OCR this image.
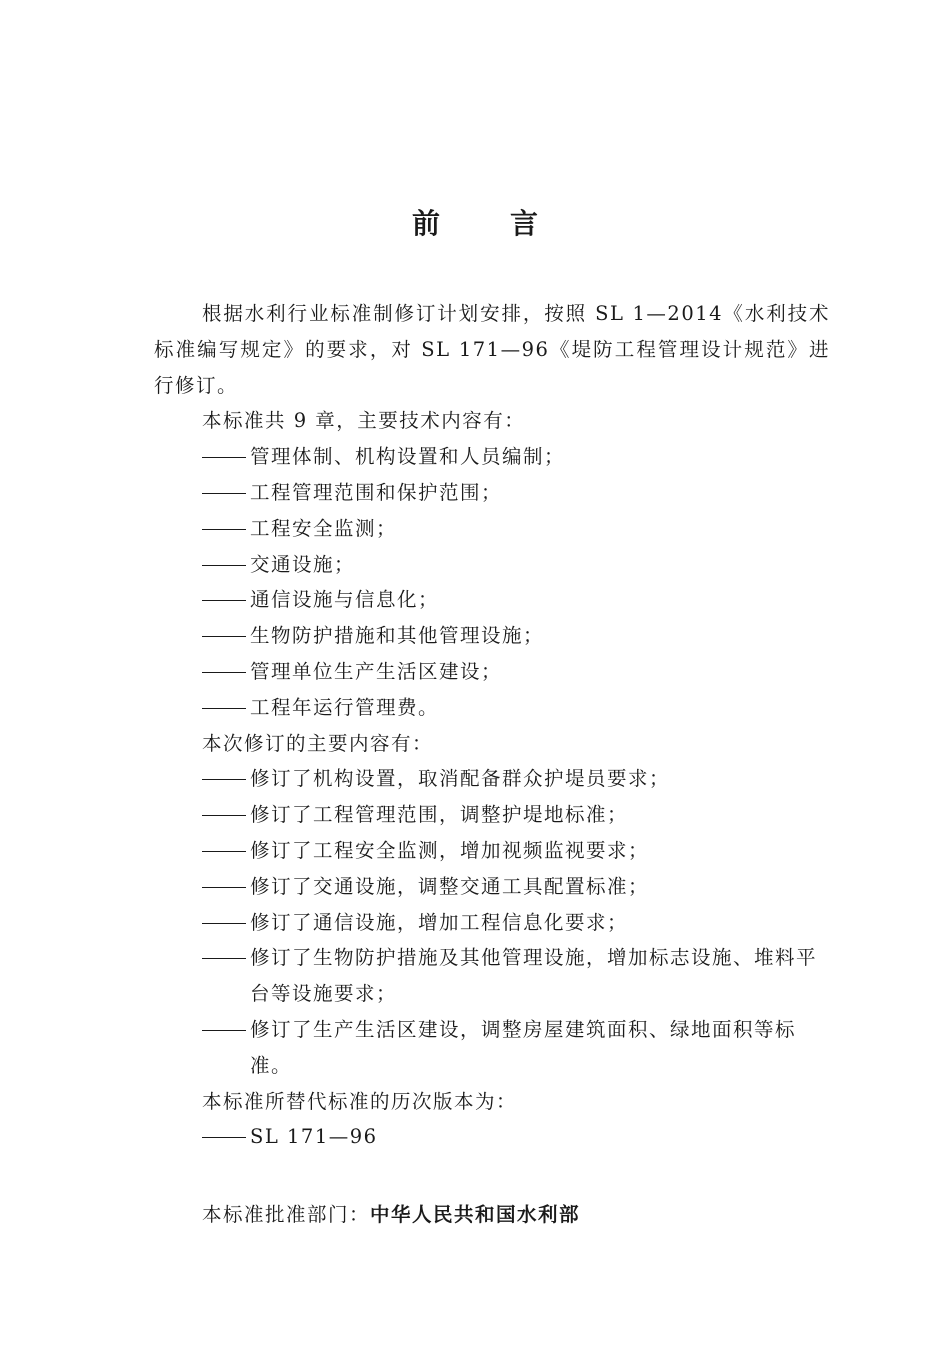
前言

根据水利行业标准制修订计划安排，按照 SL 1—2014《水利技术标准编写规定》的要求，对 SL 171—96《堤防工程管理设计规范》进行修订。

本标准共 9 章，主要技术内容有：

管理体制、机构设置和人员编制；

工程管理范围和保护范围；

工程安全监测；

交通设施；

通信设施与信息化；

生物防护措施和其他管理设施；

管理单位生产生活区建设；

工程年运行管理费。

本次修订的主要内容有：

修订了机构设置，取消配备群众护堤员要求；

修订了工程管理范围，调整护堤地标准；

修订了工程安全监测，增加视频监视要求；

修订了交通设施，调整交通工具配置标准；

修订了通信设施，增加工程信息化要求；

修订了生物防护措施及其他管理设施，增加标志设施、堆料平台等设施要求；

修订了生产生活区建设，调整房屋建筑面积、绿地面积等标准。

本标准所替代标准的历次版本为：

SL 171—96

本标准批准部门：中华人民共和国水利部
